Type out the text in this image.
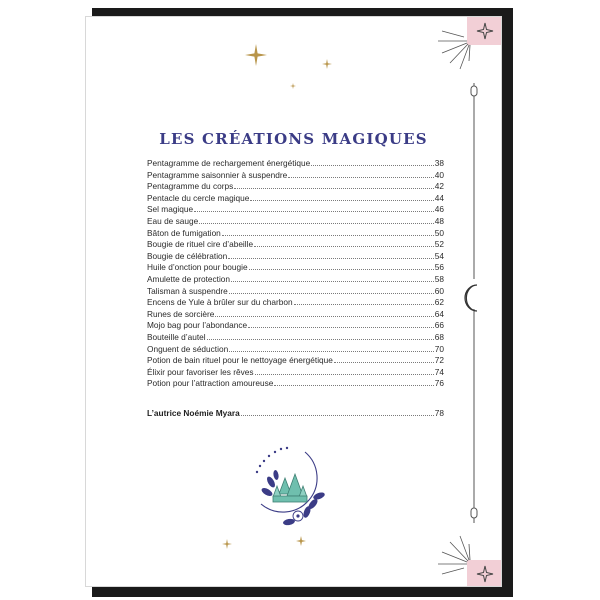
LES CRÉATIONS MAGIQUES
Pentagramme de rechargement énergétique	38
Pentagramme saisonnier à suspendre	40
Pentagramme du corps	42
Pentacle du cercle magique	44
Sel magique	46
Eau de sauge	48
Bâton de fumigation	50
Bougie de rituel cire d’abeille	52
Bougie de célébration	54
Huile d’onction pour bougie	56
Amulette de protection	58
Talisman à suspendre	60
Encens de Yule à brûler sur du charbon	62
Runes de sorcière	64
Mojo bag pour l’abondance	66
Bouteille d’autel	68
Onguent de séduction	70
Potion de bain rituel pour le nettoyage énergétique	72
Élixir pour favoriser les rêves	74
Potion pour l’attraction amoureuse	76
L’autrice Noémie Myara	78
